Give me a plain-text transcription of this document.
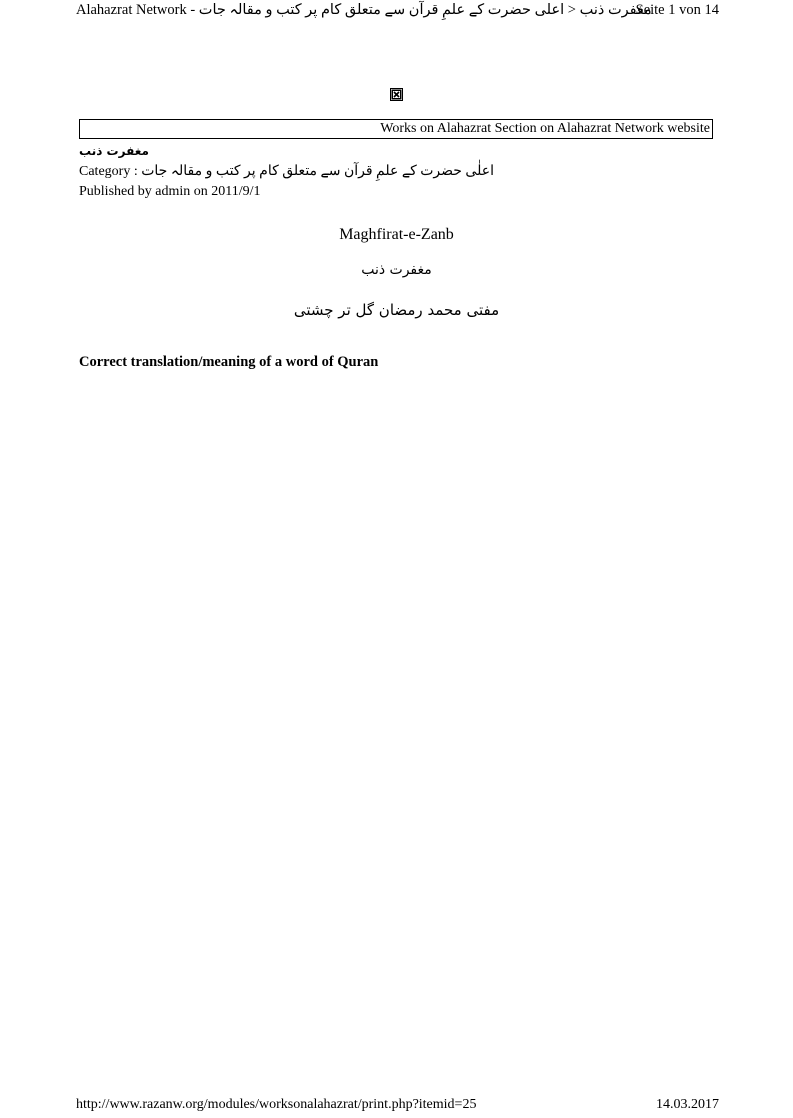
Alahazrat Network - مغفرت ذنب < اعلی حضرت کے علمِ قرآن سے متعلق کام پر کتب و مقالہ جات
Seite 1 von 14
Works on Alahazrat Section on Alahazrat Network website
مغفرت ذنب
Category : اعلٰی حضرت کے علمِ قرآن سے متعلق کام پر کتب و مقالہ جات
Published by admin on 2011/9/1
Maghfirat-e-Zanb
مغفرت ذنب
مفتی محمد رمضان گل تر چشتی
Correct translation/meaning of a word of Quran
http://www.razanw.org/modules/worksonalahazrat/print.php?itemid=25	14.03.2017
